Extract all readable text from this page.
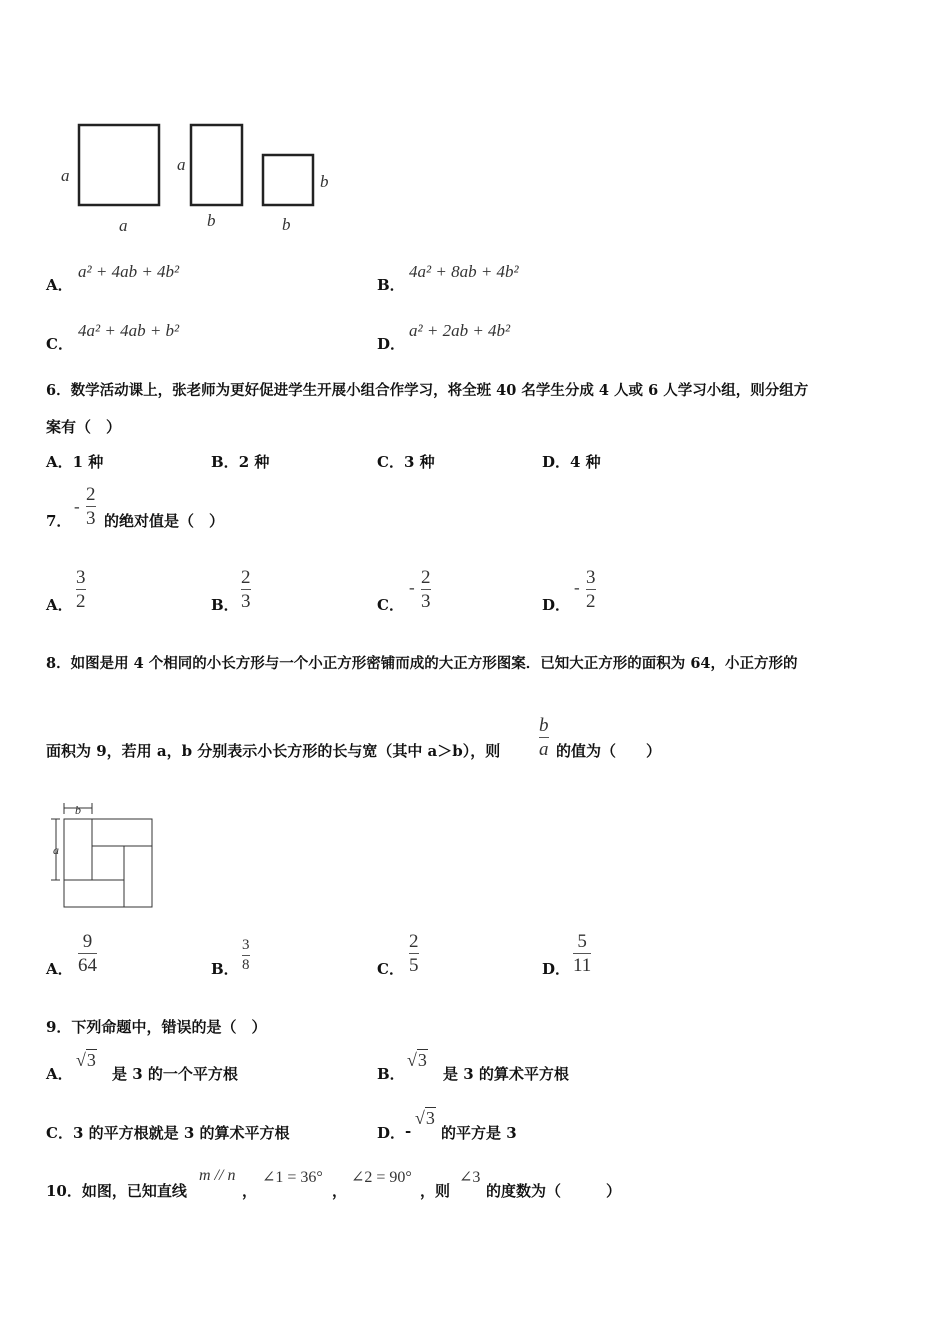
a
a
a
b
b
b
A．
a² + 4ab + 4b²
B．
4a² + 8ab + 4b²
C．
4a² + 4ab + b²
D．
a² + 2ab + 4b²
6．数学活动课上，张老师为更好促进学生开展小组合作学习，将全班 40 名学生分成 4 人或 6 人学习小组，则分组方
案有（　）
A．1 种	B．2 种	C．3 种	D．4 种
7．
-
2
3 的绝对值是（　）
A．
3
2	B．
2
3	C．
- 2
3	D．
- 3
2
8．如图是用 4 个相同的小长方形与一个小正方形密铺而成的大正方形图案．已知大正方形的面积为 64，小正方形的
面积为 9，若用 a，b 分别表示小长方形的长与宽（其中 a＞b），则
b
a 的值为（　　）
b
a
A．
9
64	B．
3
8	C．
2
5	D．
5
11
9．下列命题中，错误的是（　）
A．
√3
是 3 的一个平方根	B．
√3
是 3 的算术平方根
C．3 的平方根就是 3 的算术平方根	D． -
√3
的平方是 3
10．如图，已知直线
m // n
，
∠1 = 36°
，
∠2 = 90°
，则
∠3
的度数为（　　　）
